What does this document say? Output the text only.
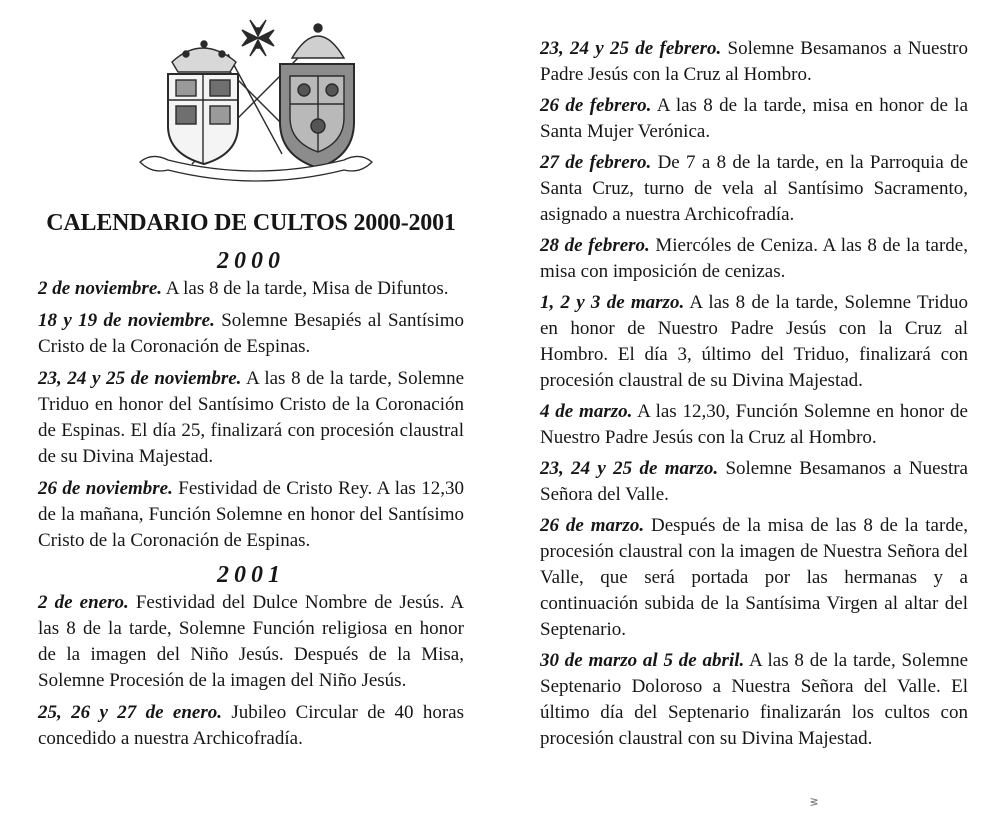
CALENDARIO DE CULTOS 2000-2001
2000

2 de noviembre. A las 8 de la tarde, Misa de Difuntos.

18 y 19 de noviembre. Solemne Besapiés al Santísimo Cristo de la Coronación de Espinas.

23, 24 y 25 de noviembre. A las 8 de la tarde, Solemne Triduo en honor del Santísimo Cristo de la Coronación de Espinas. El día 25, finalizará con procesión claustral de su Divina Majestad.

26 de noviembre. Festividad de Cristo Rey. A las 12,30 de la mañana, Función Solemne en honor del Santísimo Cristo de la Coronación de Espinas.

2001

2 de enero. Festividad del Dulce Nombre de Jesús. A las 8 de la tarde, Solemne Función religiosa en honor de la imagen del Niño Jesús. Después de la Misa, Solemne Procesión de la imagen del Niño Jesús.

25, 26 y 27 de enero. Jubileo Circular de 40 horas concedido a nuestra Archicofradía.

23, 24 y 25 de febrero. Solemne Besamanos a Nuestro Padre Jesús con la Cruz al Hombro.

26 de febrero. A las 8 de la tarde, misa en honor de la Santa Mujer Verónica.

27 de febrero. De 7 a 8 de la tarde, en la Parroquia de Santa Cruz, turno de vela al Santísimo Sacramento, asignado a nuestra Archicofradía.

28 de febrero. Miercóles de Ceniza. A las 8 de la tarde, misa con imposición de cenizas.

1, 2 y 3 de marzo. A las 8 de la tarde, Solemne Triduo en honor de Nuestro Padre Jesús con la Cruz al Hombro. El día 3, último del Triduo, finalizará con procesión claustral de su Divina Majestad.

4 de marzo. A las 12,30, Función Solemne en honor de Nuestro Padre Jesús con la Cruz al Hombro.

23, 24 y 25 de marzo. Solemne Besamanos a Nuestra Señora del Valle.

26 de marzo. Después de la misa de las 8 de la tarde, procesión claustral con la imagen de Nuestra Señora del Valle, que será portada por las hermanas y a continuación subida de la Santísima Virgen al altar del Septenario.

30 de marzo al 5 de abril. A las 8 de la tarde, Solemne Septenario Doloroso a Nuestra Señora del Valle. El último día del Septenario finalizarán los cultos con procesión claustral con su Divina Majestad.

ᕒ
